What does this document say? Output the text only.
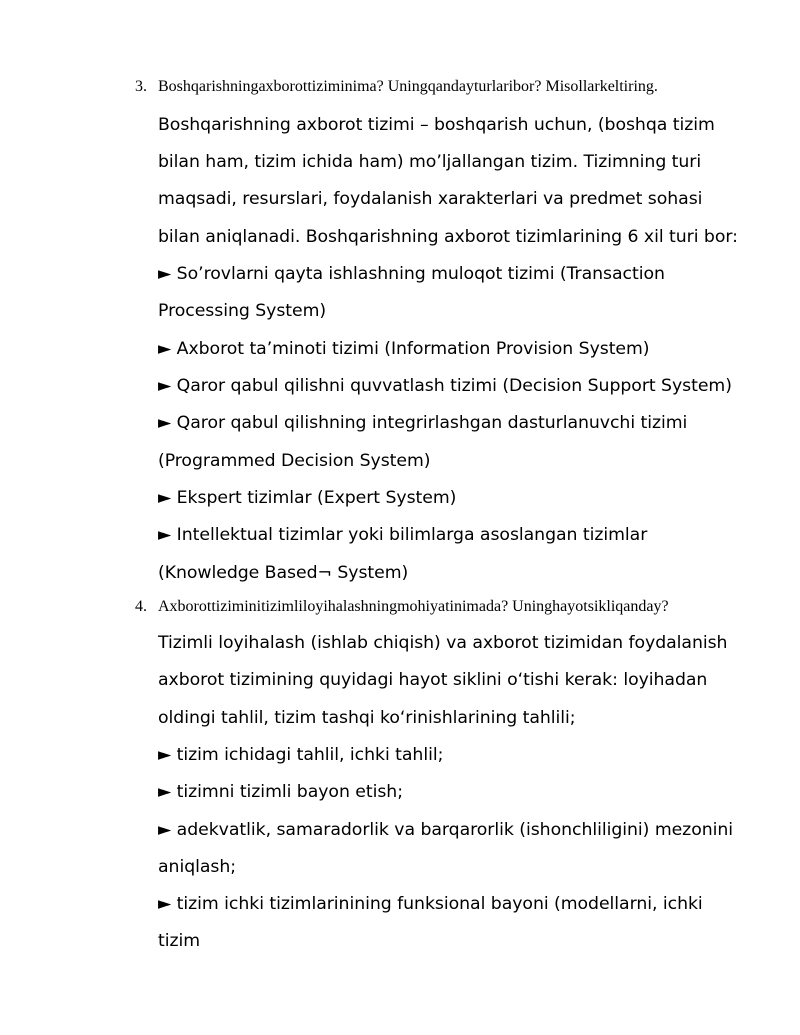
3. Boshqarishningaxborottiziminima? Uningqandayturlaribor? Misollarkeltiring.
Boshqarishning axborot tizimi – boshqarish uchun, (boshqa tizim
bilan ham, tizim ichida ham) mo’ljallangan tizim. Tizimning turi
maqsadi, resurslari, foydalanish xarakterlari va predmet sohasi
bilan aniqlanadi. Boshqarishning axborot tizimlarining 6 xil turi bor:
► So’rovlarni qayta ishlashning muloqot tizimi (Transaction
Processing System)
► Axborot ta’minoti tizimi (Information Provision System)
► Qaror qabul qilishni quvvatlash tizimi (Decision Support System)
► Qaror qabul qilishning integrirlashgan dasturlanuvchi tizimi
(Programmed Decision System)
► Ekspert tizimlar (Expert System)
► Intellektual tizimlar yoki bilimlarga asoslangan tizimlar
(Knowledge Based¬ System)
4. Axborottiziminitizimliloyihalashningmohiyatinimada? Uninghayotsikliqanday?
Tizimli loyihalash (ishlab chiqish) va axborot tizimidan foydalanish
axborot tizimining quyidagi hayot siklini o‘tishi kerak: loyihadan
oldingi tahlil, tizim tashqi ko‘rinishlarining tahlili;
► tizim ichidagi tahlil, ichki tahlil;
► tizimni tizimli bayon etish;
► adekvatlik, samaradorlik va barqarorlik (ishonchliligini) mezonini
aniqlash;
► tizim ichki tizimlarinining funksional bayoni (modellarni, ichki
tizim
